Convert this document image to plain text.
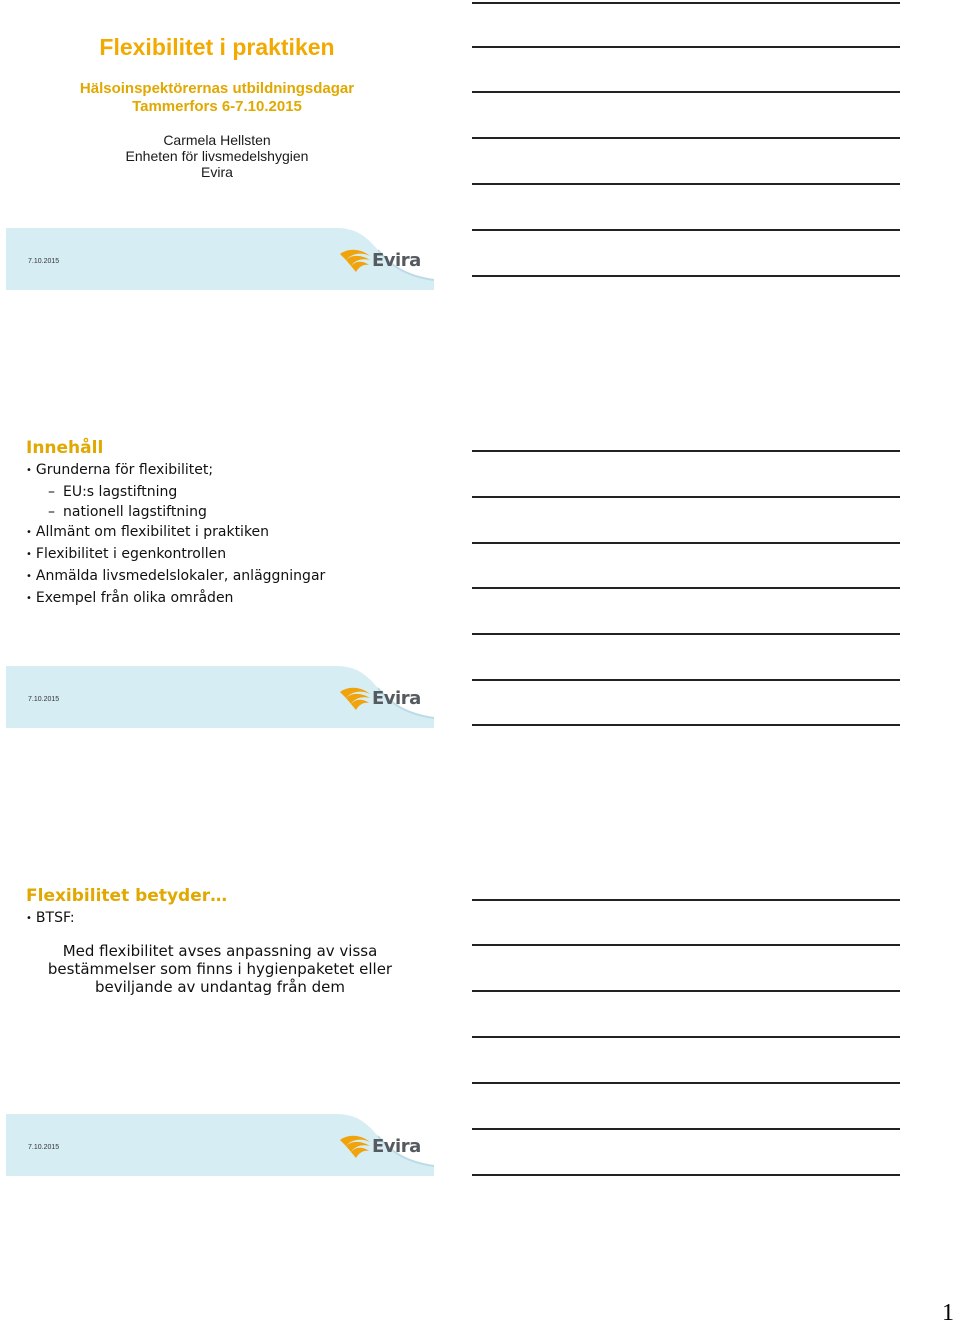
Flexibilitet i praktiken
Hälsoinspektörernas utbildningsdagar
Tammerfors 6-7.10.2015
Carmela Hellsten
Enheten för livsmedelshygien
Evira
7.10.2015	Evira
Innehåll
• Grunderna för flexibilitet;
– EU:s lagstiftning
– nationell lagstiftning
• Allmänt om flexibilitet i praktiken
• Flexibilitet i egenkontrollen
• Anmälda livsmedelslokaler, anläggningar
• Exempel från olika områden
7.10.2015	Evira
Flexibilitet betyder…
• BTSF:
Med flexibilitet avses anpassning av vissa
bestämmelser som finns i hygienpaketet eller
beviljande av undantag från dem
7.10.2015	Evira
1
